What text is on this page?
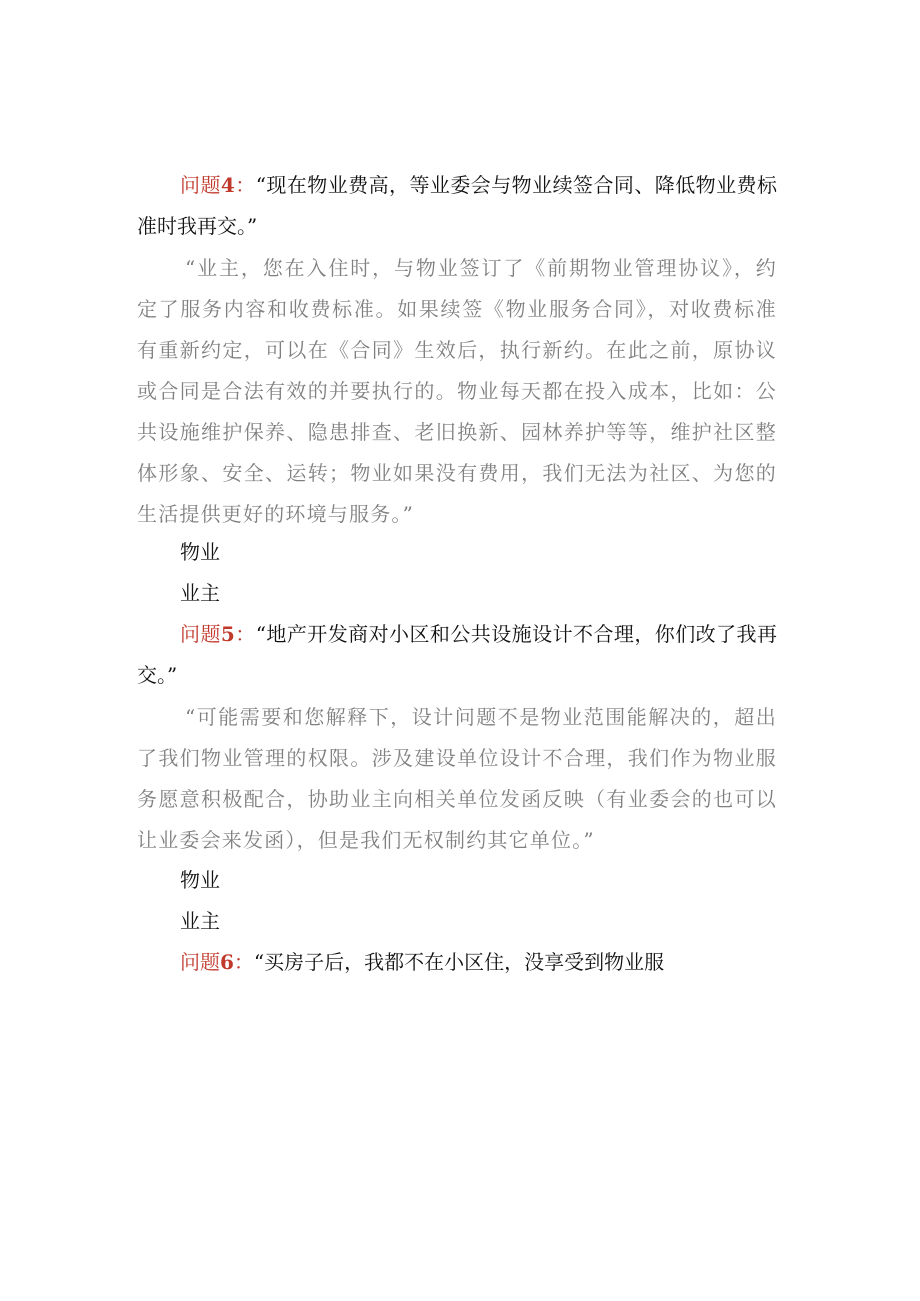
问题4：“现在物业费高，等业委会与物业续签合同、降低物业费标准时我再交。”

“业主，您在入住时，与物业签订了《前期物业管理协议》，约定了服务内容和收费标准。如果续签《物业服务合同》，对收费标准有重新约定，可以在《合同》生效后，执行新约。在此之前，原协议或合同是合法有效的并要执行的。物业每天都在投入成本，比如：公共设施维护保养、隐患排查、老旧换新、园林养护等等，维护社区整体形象、安全、运转；物业如果没有费用，我们无法为社区、为您的生活提供更好的环境与服务。”

物业

业主

问题5：“地产开发商对小区和公共设施设计不合理，你们改了我再交。”

“可能需要和您解释下，设计问题不是物业范围能解决的，超出了我们物业管理的权限。涉及建设单位设计不合理，我们作为物业服务愿意积极配合，协助业主向相关单位发函反映（有业委会的也可以让业委会来发函），但是我们无权制约其它单位。”

物业

业主

问题6：“买房子后，我都不在小区住，没享受到物业服
